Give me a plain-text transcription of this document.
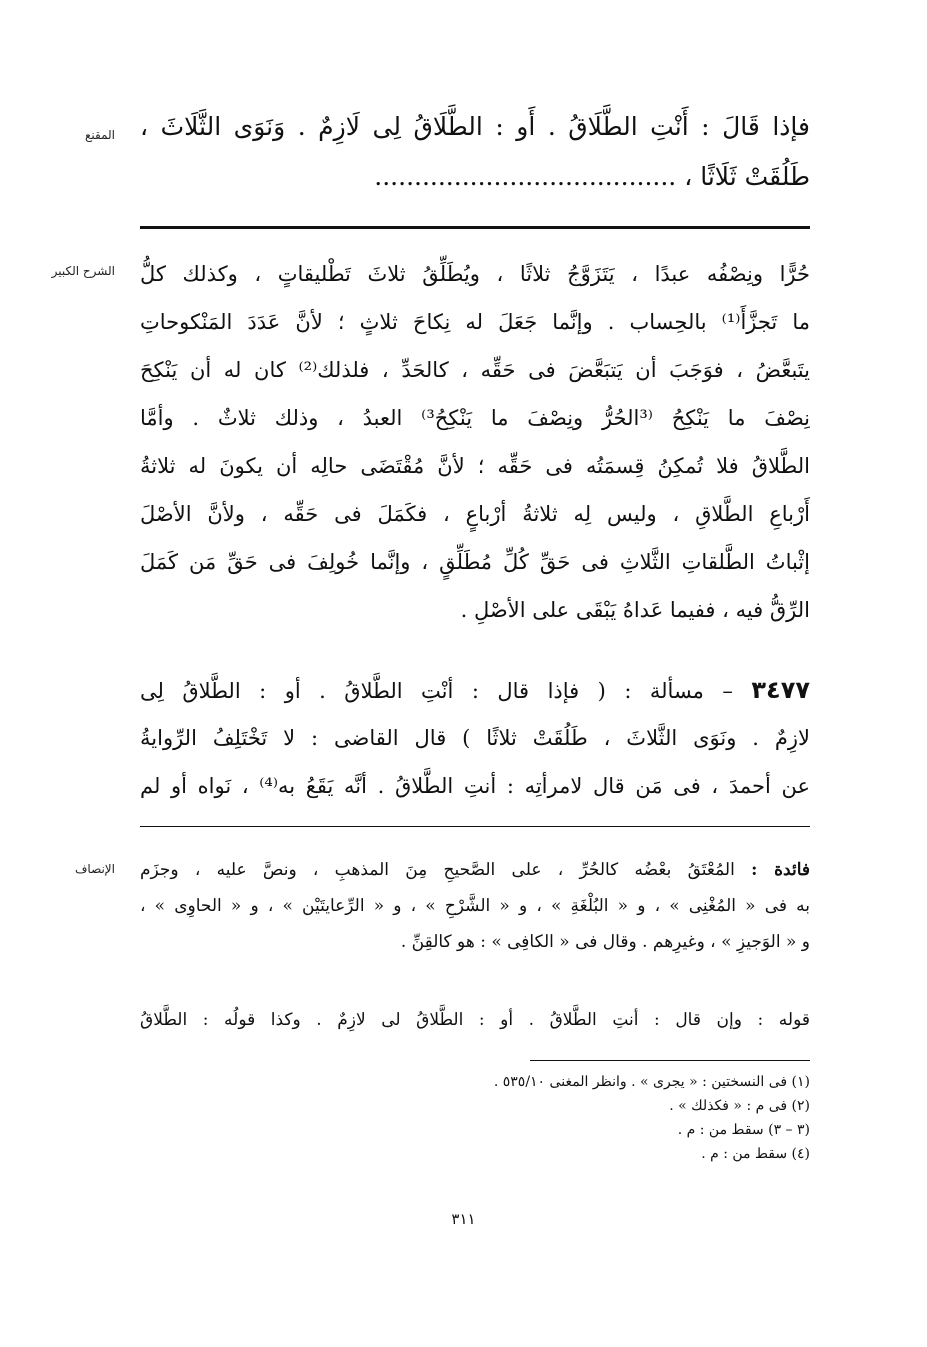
المقنع
الشرح الكبير
الإنصاف
فإذا قَالَ : أَنْتِ الطَّلَاقُ . أَو : الطَّلَاقُ لِى لَازِمٌ . وَنَوَى الثَّلَاثَ ،
طَلُقَتْ ثَلَاثًا ، ......................................
حُرًّا ونِصْفُه عبدًا ، يَتَزَوَّجُ ثلاثًا ، ويُطَلِّقُ ثلاثَ تَطْليقاتٍ ، وكذلك كلُّ
ما تَجزَّأَ⁽¹⁾ بالحِساب . وإنَّما جَعَلَ له نِكاحَ ثلاثٍ ؛ لأنَّ عَدَدَ المَنْكوحاتِ
يتَبعَّضُ ، فوَجَبَ أن يَتبَعَّضَ فى حَقِّه ، كالحَدِّ ، فلذلك⁽²⁾ كان له أن يَنْكِحَ
نِصْفَ ما يَنْكِحُ ⁽³الحُرُّ ونِصْفَ ما يَنْكِحُ³⁾ العبدُ ، وذلك ثلاثٌ . وأمَّا
الطَّلاقُ فلا تُمكِنُ قِسمَتُه فى حَقِّه ؛ لأنَّ مُقْتَضَى حالِه أن يكونَ له ثلاثةُ
أَرْباعِ الطَّلاقِ ، وليس لِه ثلاثةُ أرْباعٍ ، فكَمَلَ فى حَقِّه ، ولأنَّ الأصْلَ
إثْباتُ الطَّلقاتِ الثَّلاثِ فى حَقِّ كُلِّ مُطَلِّقٍ ، وإنَّما خُولِفَ فى حَقِّ مَن كَمَلَ
الرِّقُّ فيه ، ففيما عَداهُ يَبْقَى على الأصْلِ .
٣٤٧٧ – مسألة : ( فإذا قال : أنْتِ الطَّلاقُ . أو : الطَّلاقُ لِى
لازِمٌ . ونَوَى الثَّلاثَ ، طَلُقَتْ ثلاثًا ) قال القاضى : لا تَخْتَلِفُ الرِّوايةُ
عن أحمدَ ، فى مَن قال لامرأتِه : أنتِ الطَّلاقُ . أنَّه يَقَعُ به⁽⁴⁾ ، نَواه أو لم
فائدة : المُعْتَقُ بعْضُه كالحُرِّ ، على الصَّحيحِ مِنَ المذهبِ ، ونصَّ عليه ، وجزَم
به فى « المُغْنِى » ، و « البُلْغَةِ » ، و « الشَّرْحِ » ، و « الرِّعايتَيْن » ، و « الحاوِى » ،
و « الوَجيزِ » ، وغيرِهم . وقال فى « الكافِى » : هو كالقِنِّ .
قوله : وإن قال : أنتِ الطَّلاقُ . أو : الطَّلاقُ لى لازِمٌ . وكذا قولُه : الطَّلاقُ
(١) فى النسختين : « يجرى » . وانظر المغنى ٥٣٥/١٠ .
(٢) فى م : « فكذلك » .
(٣ – ٣) سقط من : م .
(٤) سقط من : م .
٣١١
